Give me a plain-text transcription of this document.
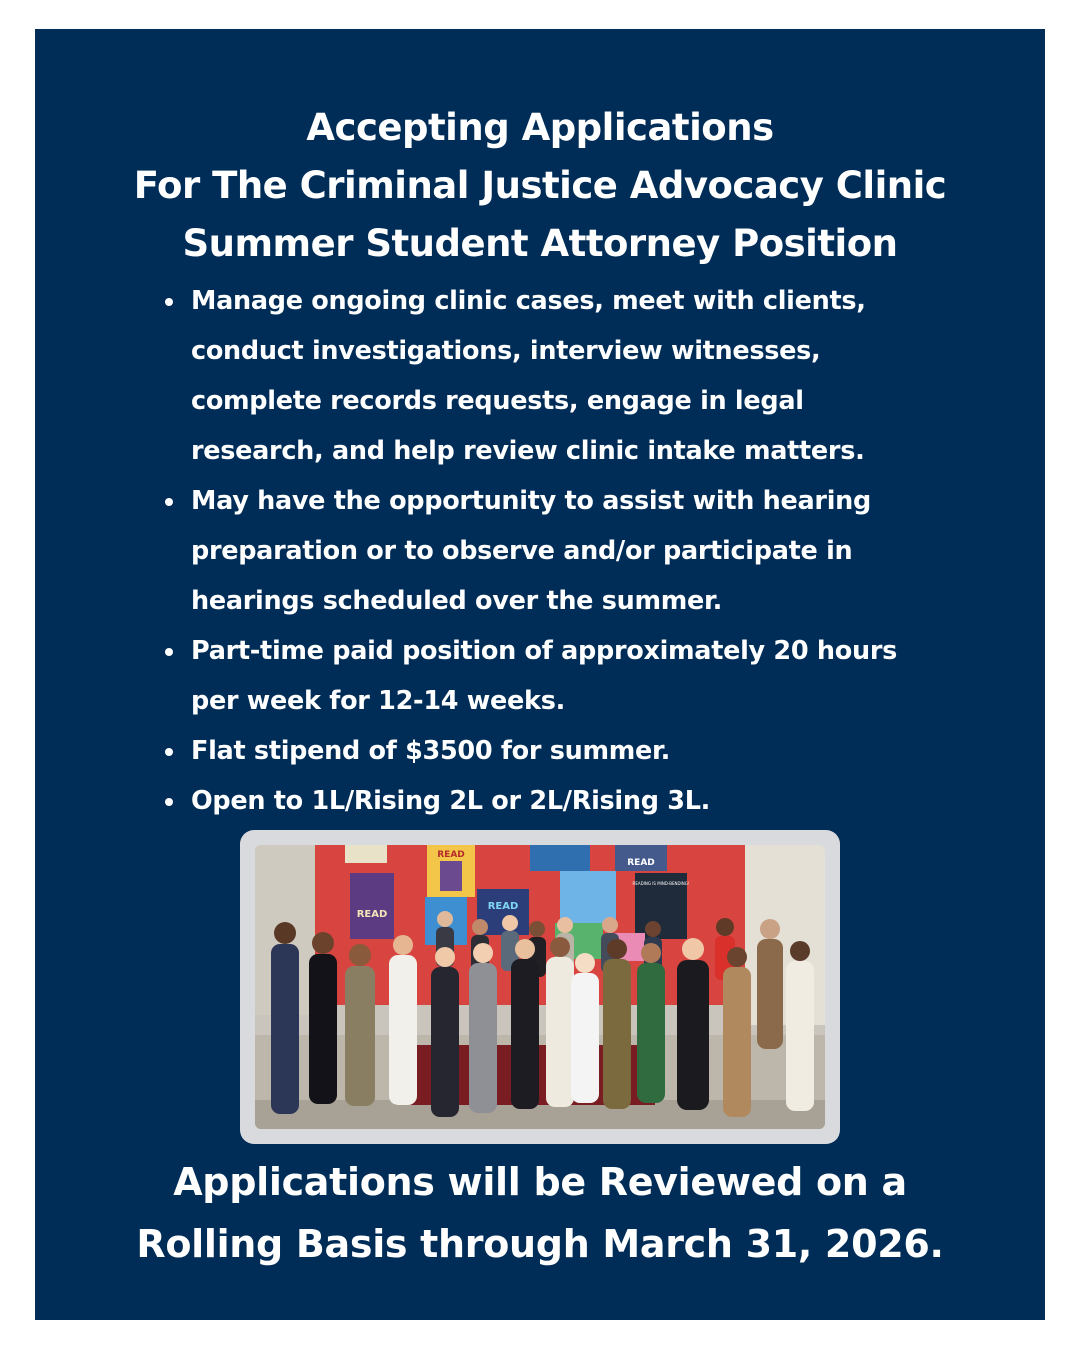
Accepting Applications
For The Criminal Justice Advocacy Clinic
Summer Student Attorney Position
Manage ongoing clinic cases, meet with clients,
conduct investigations, interview witnesses,
complete records requests, engage in legal
research, and help review clinic intake matters.
May have the opportunity to assist with hearing
preparation or to observe and/or participate in
hearings scheduled over the summer.
Part-time paid position of approximately 20 hours
per week for 12-14 weeks.
Flat stipend of $3500 for summer.
Open to 1L/Rising 2L or 2L/Rising 3L.
READ
READ
READ
READ
READING IS MIND-BENDING!
Applications will be Reviewed on a
Rolling Basis through March 31, 2026.
